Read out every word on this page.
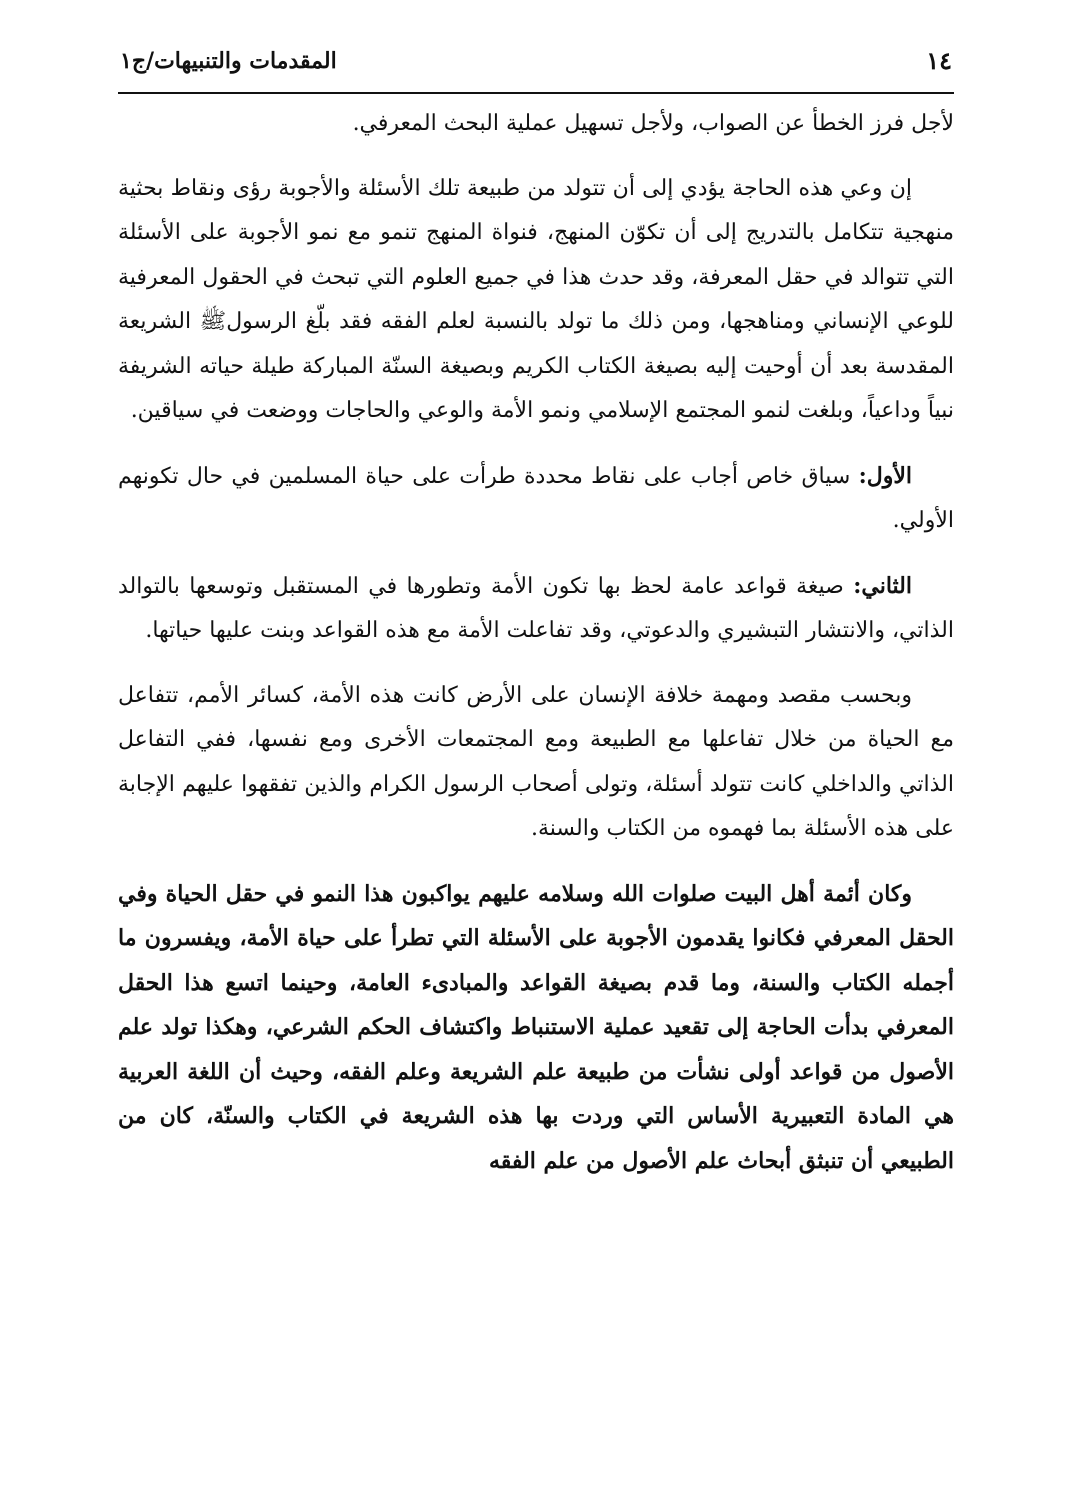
١٤
المقدمات والتنبيهات/ج١

لأجل فرز الخطأ عن الصواب، ولأجل تسهيل عملية البحث المعرفي.

إن وعي هذه الحاجة يؤدي إلى أن تتولد من طبيعة تلك الأسئلة والأجوبة رؤى ونقاط بحثية منهجية تتكامل بالتدريج إلى أن تكوّن المنهج، فنواة المنهج تنمو مع نمو الأجوبة على الأسئلة التي تتوالد في حقل المعرفة، وقد حدث هذا في جميع العلوم التي تبحث في الحقول المعرفية للوعي الإنساني ومناهجها، ومن ذلك ما تولد بالنسبة لعلم الفقه فقد بلّغ الرسولﷺ الشريعة المقدسة بعد أن أوحيت إليه بصيغة الكتاب الكريم وبصيغة السنّة المباركة طيلة حياته الشريفة نبياً وداعياً، وبلغت لنمو المجتمع الإسلامي ونمو الأمة والوعي والحاجات ووضعت في سياقين.

الأول: سياق خاص أجاب على نقاط محددة طرأت على حياة المسلمين في حال تكونهم الأولي.

الثاني: صيغة قواعد عامة لحظ بها تكون الأمة وتطورها في المستقبل وتوسعها بالتوالد الذاتي، والانتشار التبشيري والدعوتي، وقد تفاعلت الأمة مع هذه القواعد وبنت عليها حياتها.

وبحسب مقصد ومهمة خلافة الإنسان على الأرض كانت هذه الأمة، كسائر الأمم، تتفاعل مع الحياة من خلال تفاعلها مع الطبيعة ومع المجتمعات الأخرى ومع نفسها، ففي التفاعل الذاتي والداخلي كانت تتولد أسئلة، وتولى أصحاب الرسول الكرام والذين تفقهوا عليهم الإجابة على هذه الأسئلة بما فهموه من الكتاب والسنة.

وكان أئمة أهل البيت صلوات الله وسلامه عليهم يواكبون هذا النمو في حقل الحياة وفي الحقل المعرفي فكانوا يقدمون الأجوبة على الأسئلة التي تطرأ على حياة الأمة، ويفسرون ما أجمله الكتاب والسنة، وما قدم بصيغة القواعد والمبادىء العامة، وحينما اتسع هذا الحقل المعرفي بدأت الحاجة إلى تقعيد عملية الاستنباط واكتشاف الحكم الشرعي، وهكذا تولد علم الأصول من قواعد أولى نشأت من طبيعة علم الشريعة وعلم الفقه، وحيث أن اللغة العربية هي المادة التعبيرية الأساس التي وردت بها هذه الشريعة في الكتاب والسنّة، كان من الطبيعي أن تنبثق أبحاث علم الأصول من علم الفقه
